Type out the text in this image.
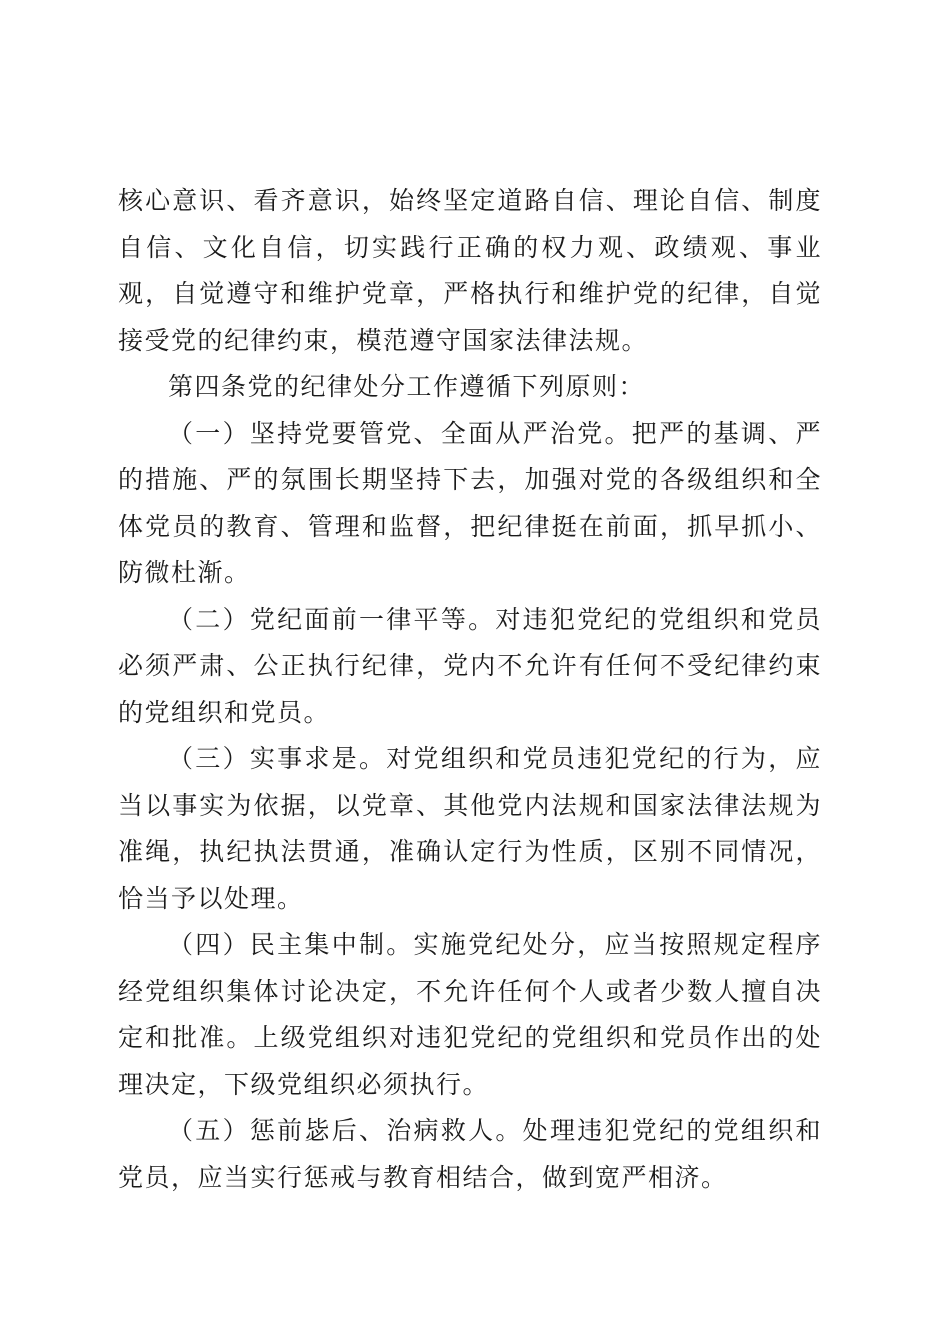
核心意识、看齐意识，始终坚定道路自信、理论自信、制度自信、文化自信，切实践行正确的权力观、政绩观、事业观，自觉遵守和维护党章，严格执行和维护党的纪律，自觉接受党的纪律约束，模范遵守国家法律法规。

第四条党的纪律处分工作遵循下列原则：

（一）坚持党要管党、全面从严治党。把严的基调、严的措施、严的氛围长期坚持下去，加强对党的各级组织和全体党员的教育、管理和监督，把纪律挺在前面，抓早抓小、防微杜渐。

（二）党纪面前一律平等。对违犯党纪的党组织和党员必须严肃、公正执行纪律，党内不允许有任何不受纪律约束的党组织和党员。

（三）实事求是。对党组织和党员违犯党纪的行为，应当以事实为依据，以党章、其他党内法规和国家法律法规为准绳，执纪执法贯通，准确认定行为性质，区别不同情况，恰当予以处理。

（四）民主集中制。实施党纪处分，应当按照规定程序经党组织集体讨论决定，不允许任何个人或者少数人擅自决定和批准。上级党组织对违犯党纪的党组织和党员作出的处理决定，下级党组织必须执行。

（五）惩前毖后、治病救人。处理违犯党纪的党组织和党员，应当实行惩戒与教育相结合，做到宽严相济。
